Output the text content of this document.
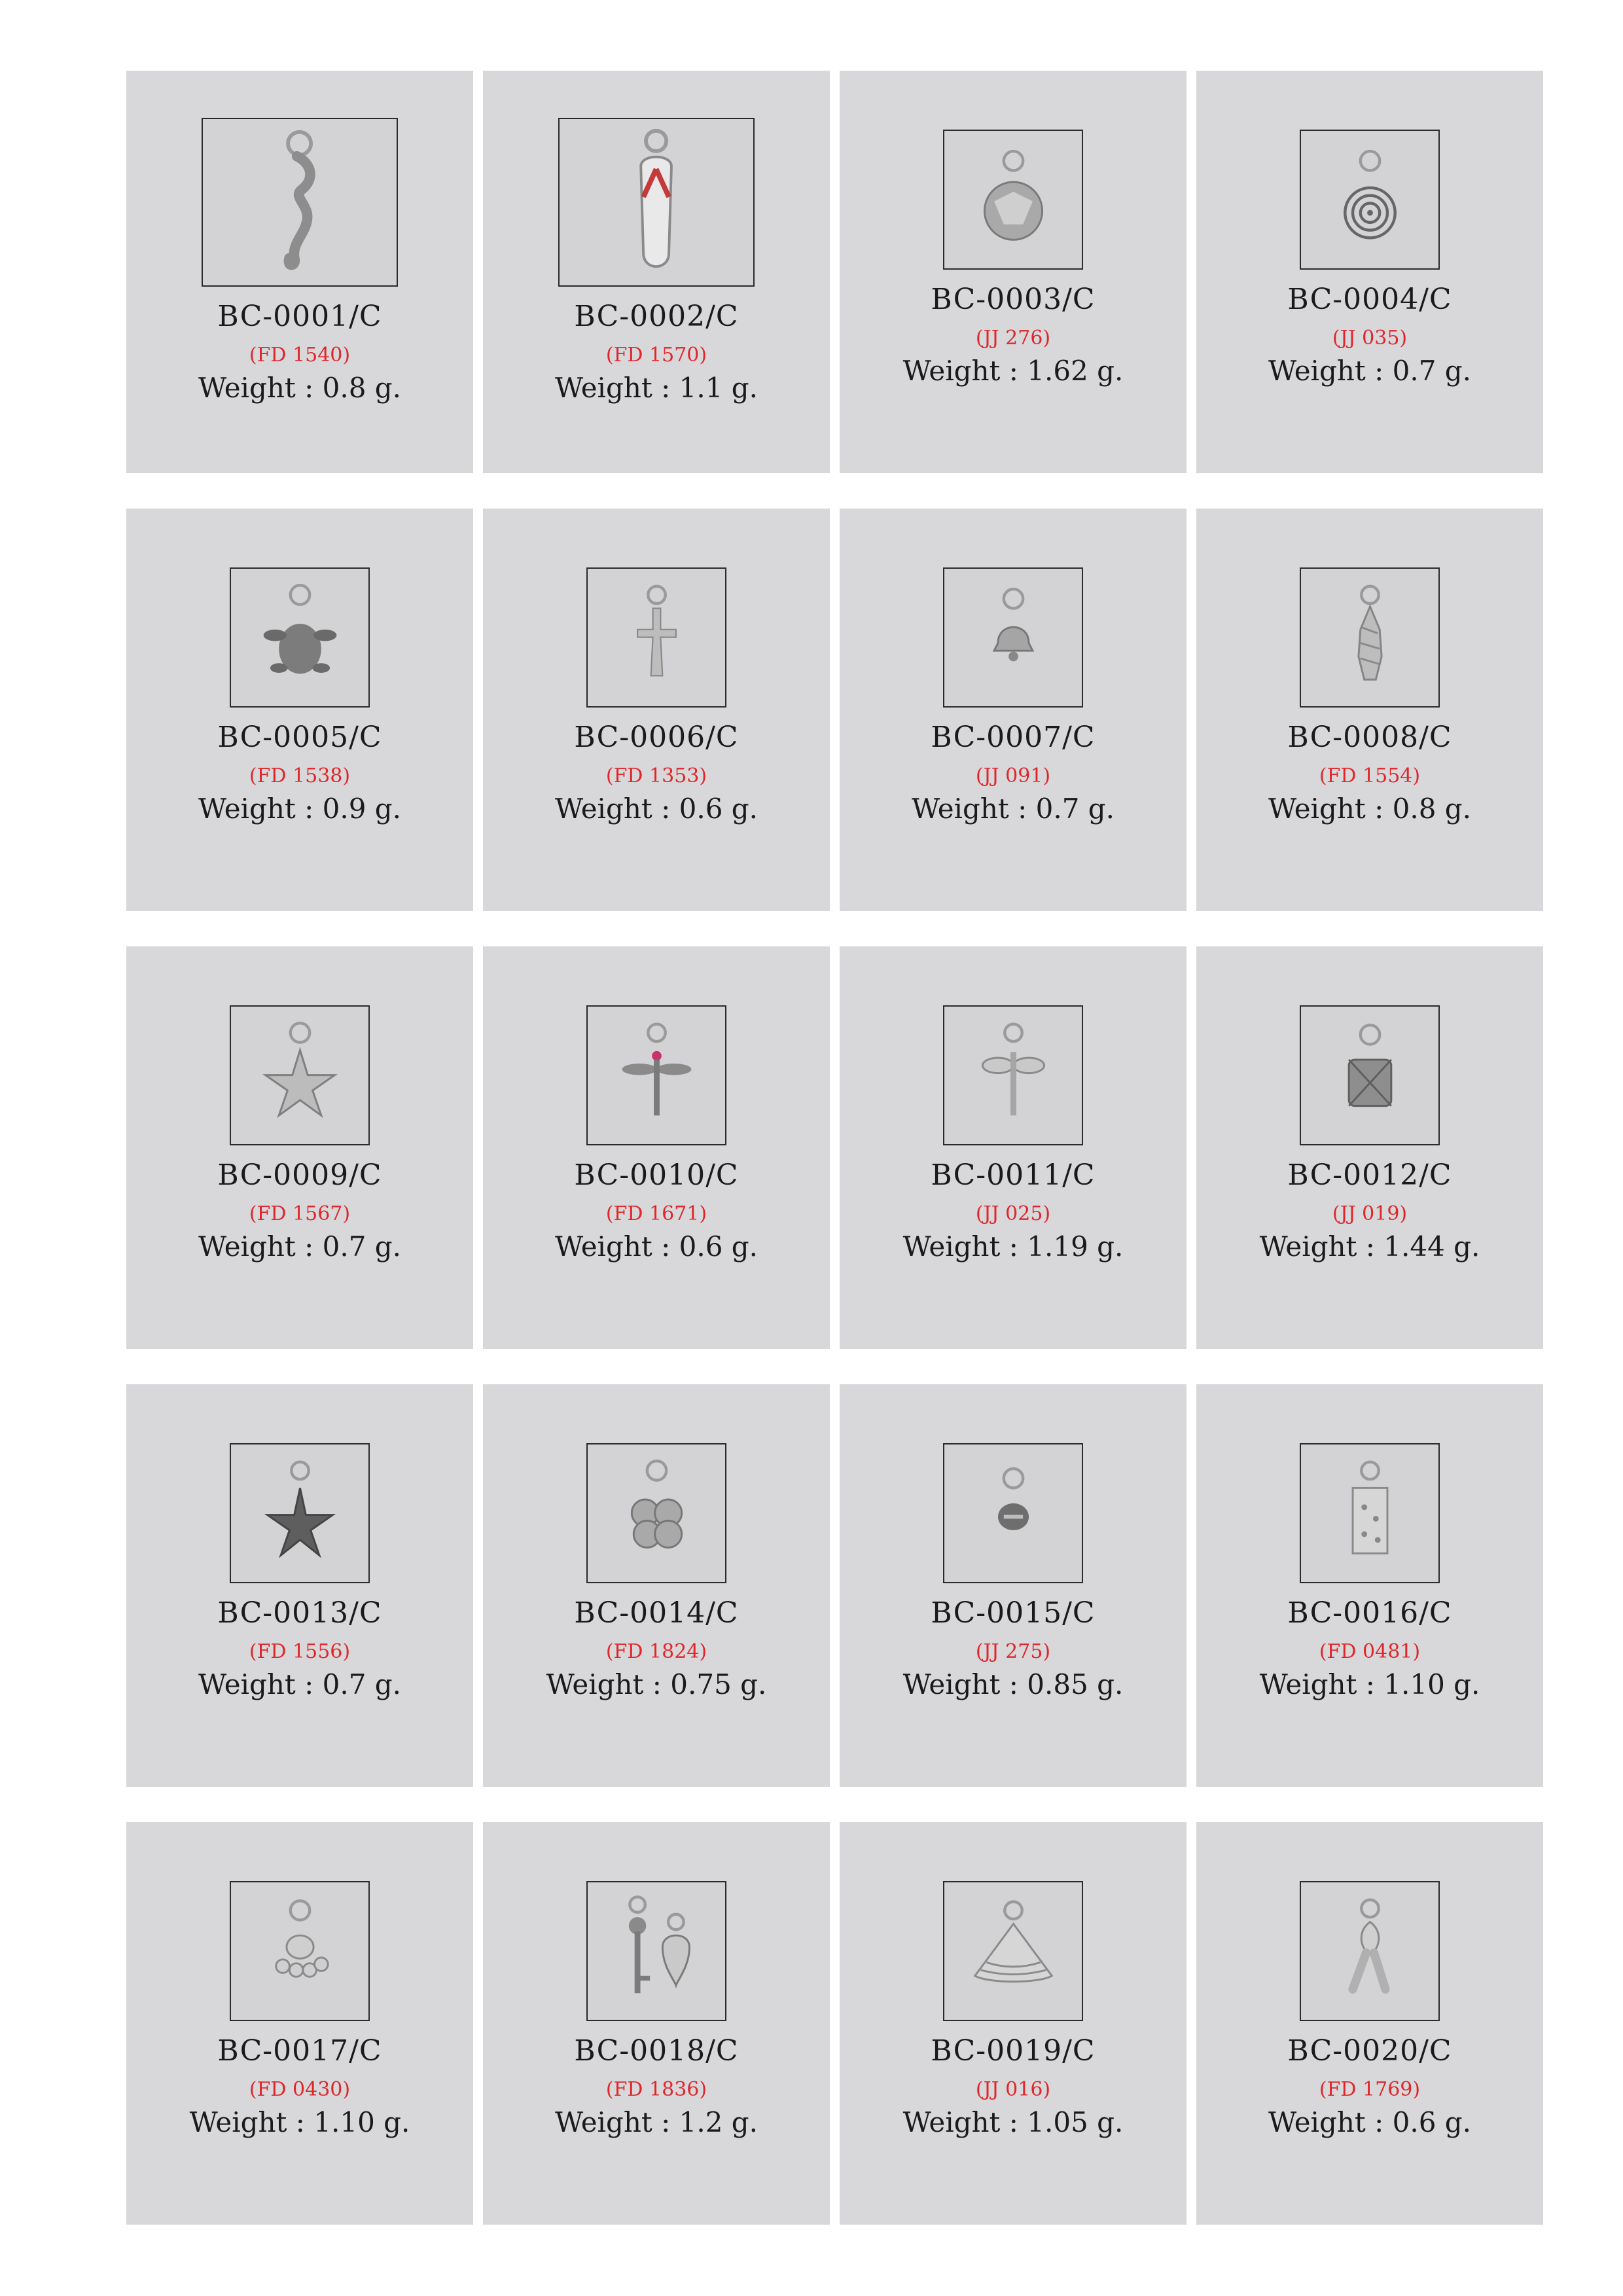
BC-0001/C
(FD 1540)
Weight : 0.8 g.
BC-0002/C
(FD 1570)
Weight : 1.1 g.
BC-0003/C
(JJ 276)
Weight : 1.62 g.
BC-0004/C
(JJ 035)
Weight : 0.7 g.
BC-0005/C
(FD 1538)
Weight : 0.9 g.
BC-0006/C
(FD 1353)
Weight : 0.6 g.
BC-0007/C
(JJ 091)
Weight : 0.7 g.
BC-0008/C
(FD 1554)
Weight : 0.8 g.
BC-0009/C
(FD 1567)
Weight : 0.7 g.
BC-0010/C
(FD 1671)
Weight : 0.6 g.
BC-0011/C
(JJ 025)
Weight : 1.19 g.
BC-0012/C
(JJ 019)
Weight : 1.44 g.
BC-0013/C
(FD 1556)
Weight : 0.7 g.
BC-0014/C
(FD 1824)
Weight : 0.75 g.
BC-0015/C
(JJ 275)
Weight : 0.85 g.
BC-0016/C
(FD 0481)
Weight : 1.10 g.
BC-0017/C
(FD 0430)
Weight : 1.10 g.
BC-0018/C
(FD 1836)
Weight : 1.2 g.
BC-0019/C
(JJ 016)
Weight : 1.05 g.
BC-0020/C
(FD 1769)
Weight : 0.6 g.
